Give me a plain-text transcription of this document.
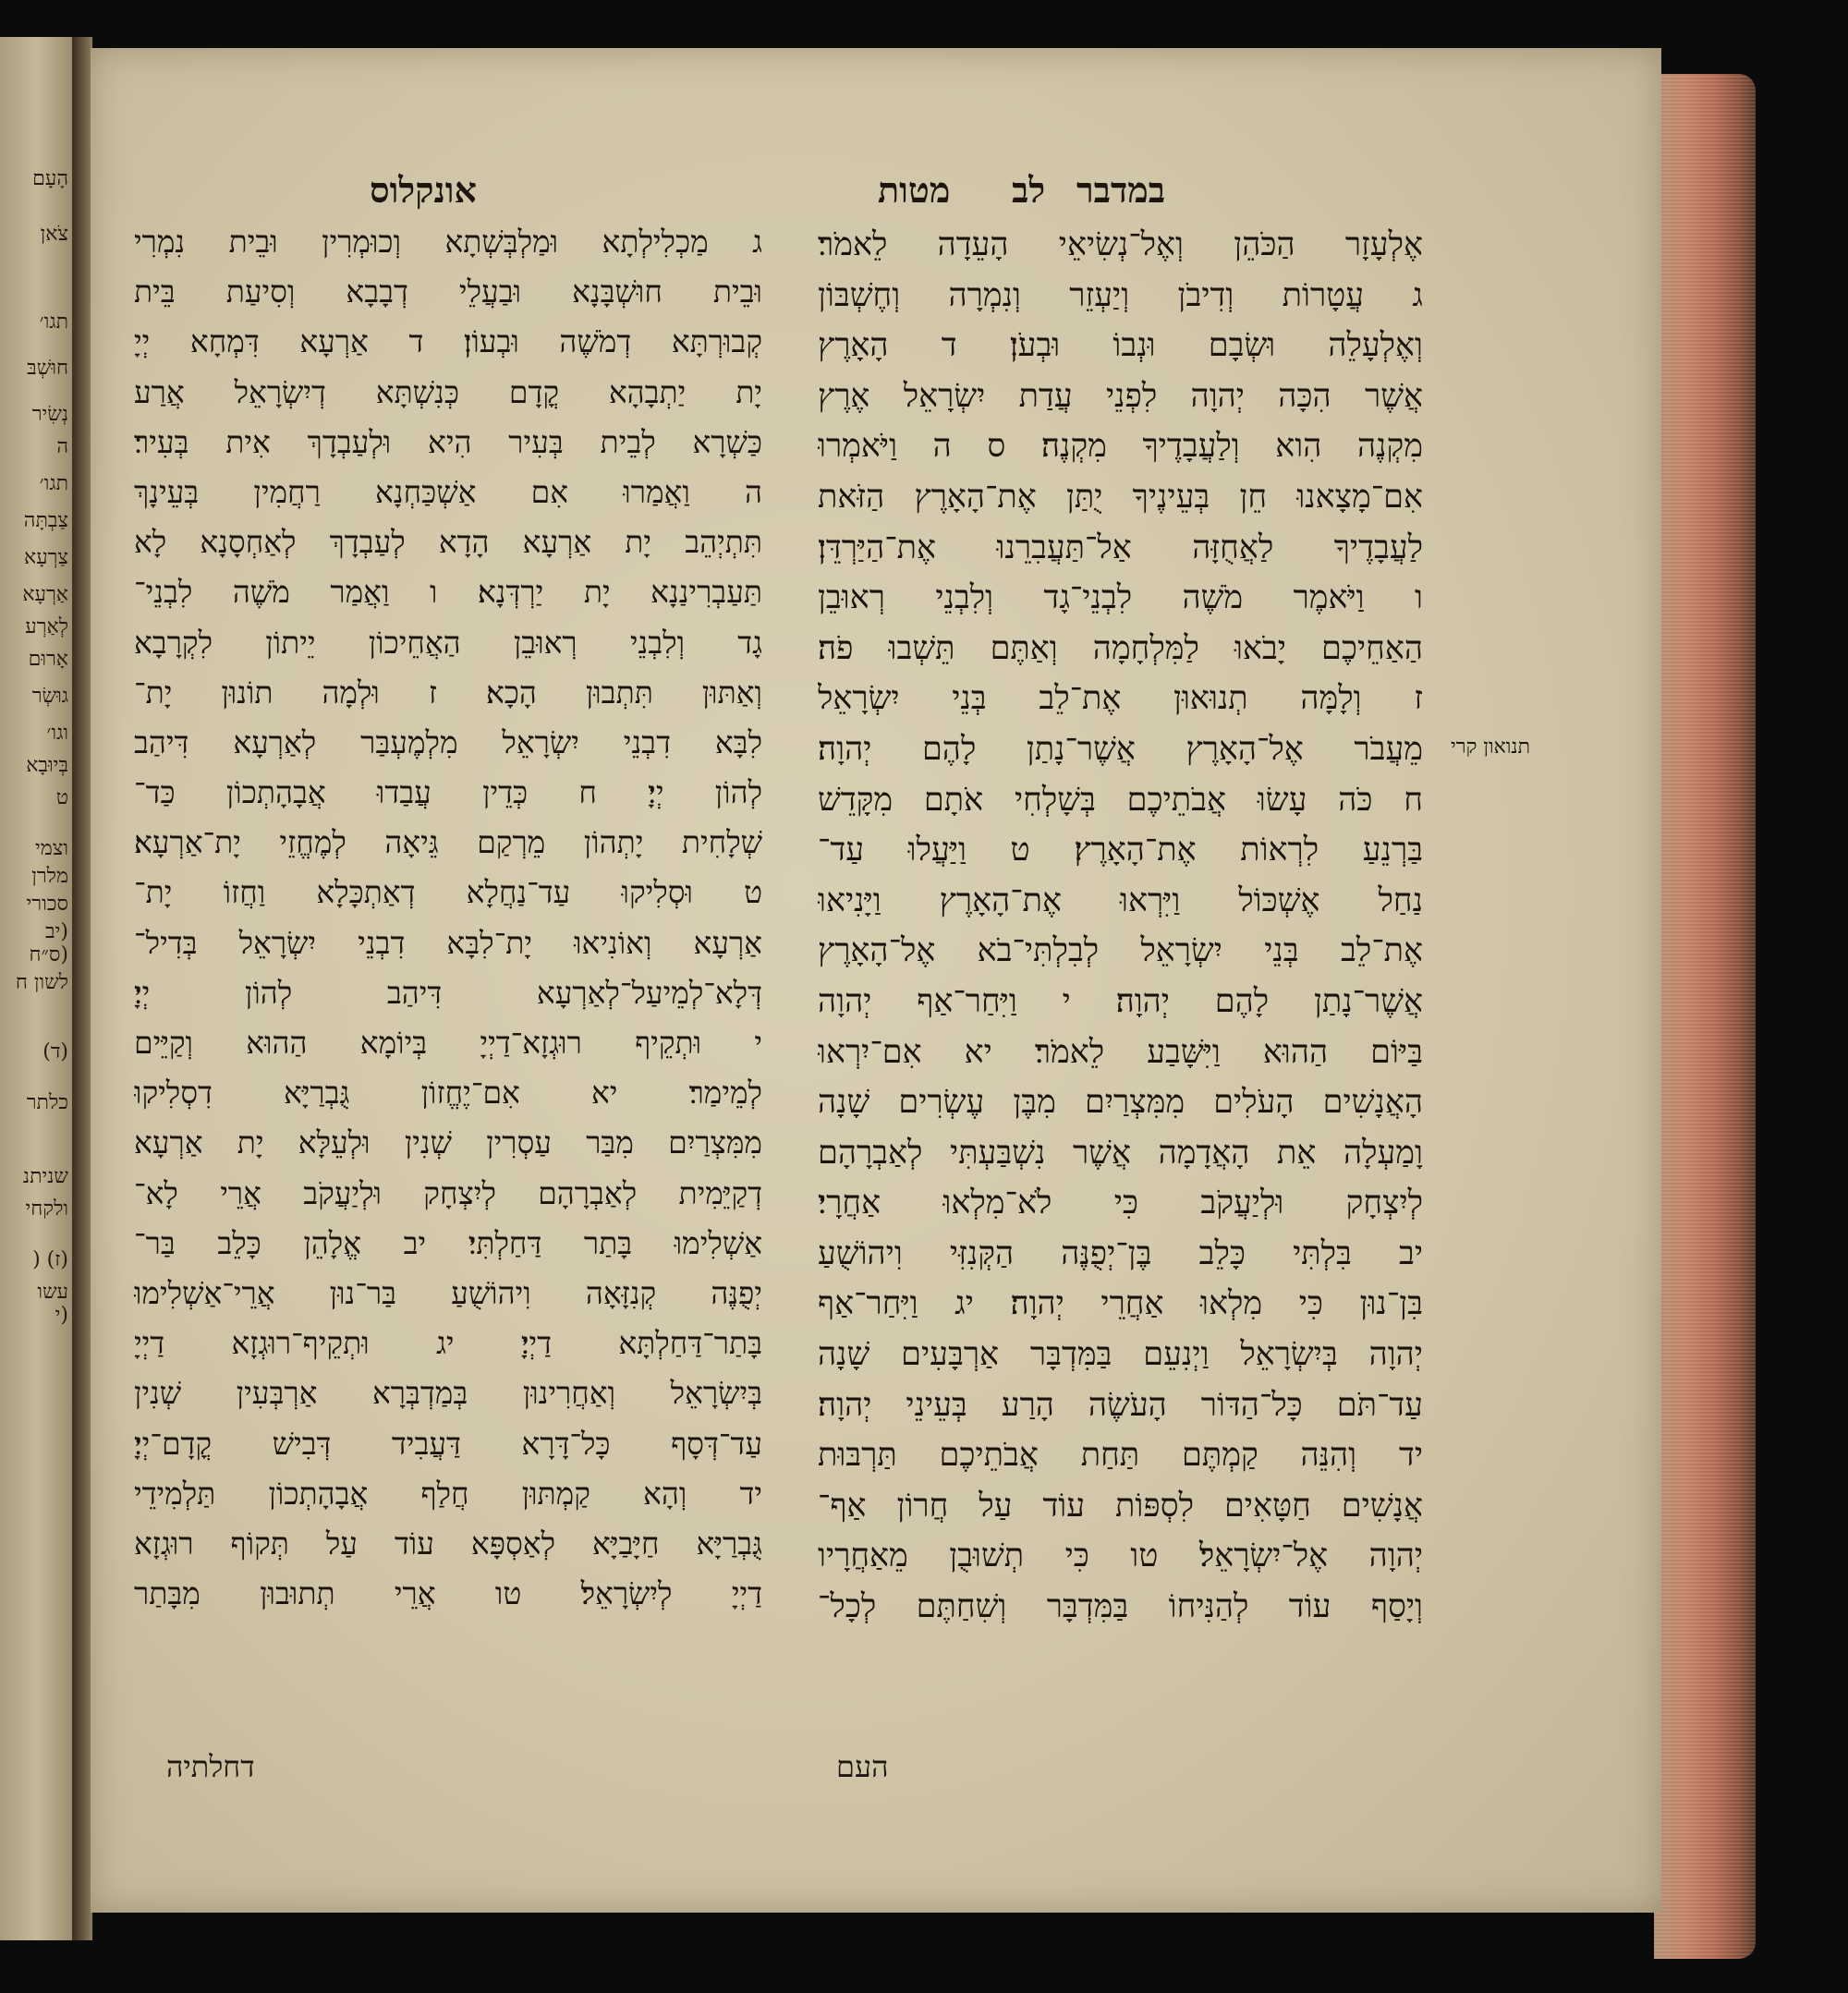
הָעָם
צֹאן
תגו׳
חוּשְׁבּ
נְשִׂיר
ה
תגו׳
צַבְתָּה
צַרְעָא
אַרְעָא
לְאַרְע
אָרוּם
גוּשְׂר
וגו׳
בְּיוּבָא
ט
וצמי
מלרן
סכורי
(יב
(ס״ח
לשון ח
(ד)
כלתר
שניתנ
ולקחי
(ז) (
עשו
(י
במדבר
לב
מטות
אונקלוס
אֶלְעָזָר הַכֹּהֵן וְאֶל־נְשִׂיאֵי הָעֵדָה לֵאמֹר׃
ג עֲטָרוֹת וְדִיבֹן וְיַעְזֵר וְנִמְרָה וְחֶשְׁבּוֹן
וְאֶלְעָלֵה וּשְׂבָם וּנְבוֹ וּבְעֹן׃ ד הָאָרֶץ
אֲשֶׁר הִכָּה יְהוָה לִפְנֵי עֲדַת יִשְׂרָאֵל אֶרֶץ
מִקְנֶה הִוא וְלַעֲבָדֶיךָ מִקְנֶה׃ ס ה וַיֹּאמְרוּ
אִם־מָצָאנוּ חֵן בְּעֵינֶיךָ יֻתַּן אֶת־הָאָרֶץ הַזֹּאת
לַעֲבָדֶיךָ לַאֲחֻזָּה אַל־תַּעֲבִרֵנוּ אֶת־הַיַּרְדֵּן׃
ו וַיֹּאמֶר מֹשֶׁה לִבְנֵי־גָד וְלִבְנֵי רְאוּבֵן
הַאַחֵיכֶם יָבֹאוּ לַמִּלְחָמָה וְאַתֶּם תֵּשְׁבוּ פֹה׃
ז וְלָמָּה תְנוּאוּן אֶת־לֵב בְּנֵי יִשְׂרָאֵל
מֵעֲבֹר אֶל־הָאָרֶץ אֲשֶׁר־נָתַן לָהֶם יְהוָה׃
ח כֹּה עָשׂוּ אֲבֹתֵיכֶם בְּשָׁלְחִי אֹתָם מִקָּדֵשׁ
בַּרְנֵעַ לִרְאוֹת אֶת־הָאָרֶץ׃ ט וַיַּעֲלוּ עַד־
נַחַל אֶשְׁכּוֹל וַיִּרְאוּ אֶת־הָאָרֶץ וַיָּנִיאוּ
אֶת־לֵב בְּנֵי יִשְׂרָאֵל לְבִלְתִּי־בֹא אֶל־הָאָרֶץ
אֲשֶׁר־נָתַן לָהֶם יְהוָה׃ י וַיִּחַר־אַף יְהוָה
בַּיּוֹם הַהוּא וַיִּשָּׁבַע לֵאמֹר׃ יא אִם־יִרְאוּ
הָאֲנָשִׁים הָעֹלִים מִמִּצְרַיִם מִבֶּן עֶשְׂרִים שָׁנָה
וָמַעְלָה אֵת הָאֲדָמָה אֲשֶׁר נִשְׁבַּעְתִּי לְאַבְרָהָם
לְיִצְחָק וּלְיַעֲקֹב כִּי לֹא־מִלְאוּ אַחֲרָי׃
יב בִּלְתִּי כָּלֵב בֶּן־יְפֻנֶּה הַקְּנִזִּי וִיהוֹשֻׁעַ
בִּן־נוּן כִּי מִלְאוּ אַחֲרֵי יְהוָה׃ יג וַיִּחַר־אַף
יְהוָה בְּיִשְׂרָאֵל וַיְנִעֵם בַּמִּדְבָּר אַרְבָּעִים שָׁנָה
עַד־תֹּם כָּל־הַדּוֹר הָעֹשֶׂה הָרַע בְּעֵינֵי יְהוָה׃
יד וְהִנֵּה קַמְתֶּם תַּחַת אֲבֹתֵיכֶם תַּרְבּוּת
אֲנָשִׁים חַטָּאִים לִסְפּוֹת עוֹד עַל חֲרוֹן אַף־
יְהוָה אֶל־יִשְׂרָאֵל׃ טו כִּי תְשׁוּבֻן מֵאַחֲרָיו
וְיָסַף עוֹד לְהַנִּיחוֹ בַּמִּדְבָּר וְשִׁחַתֶּם לְכָל־
ג מַכְלִילְתָא וּמַלְבְּשְׁתָא וְכוּמְרִין וּבֵית נִמְרִי
וּבֵית חוּשְׁבָּנָא וּבַעֲלֵי דְבָבָא וְסִיעַת בֵּית
קְבוּרְתָּא דְמֹשֶׁה וּבְעוֹן׃ ד אַרְעָא דִּמְחָא יְיָ
יָת יַתְבָהָא קֳדָם כְּנִשְׁתָּא דְיִשְׂרָאֵל אֲרַע
כַּשְׁרָא לְבֵית בְּעִיר הִיא וּלְעַבְדָךְ אִית בְּעִיר׃
ה וַאֲמַרוּ אִם אַשְׁכַּחְנָא רַחֲמִין בְּעֵינָךְ
תִּתְיְהֵב יָת אַרְעָא הָדָא לְעַבְדָךְ לְאַחְסָנָא לָא
תַּעַבְרִינַנָא יָת יַרְדְּנָא׃ ו וַאֲמַר מֹשֶׁה לִבְנֵי־
גָד וְלִבְנֵי רְאוּבֵן הַאֲחֵיכוֹן יֵיתוֹן לִקְרָבָא
וְאַתּוּן תִּתְבוּן הָכָא׃ ז וּלְמָה תוֹנוּן יָת־
לִבָּא דִבְנֵי יִשְׂרָאֵל מִלְמֶעְבַּר לְאַרְעָא דִּיהַב
לְהוֹן יְיָ׃ ח כְּדֵין עֲבַדוּ אֲבָהָתְכוֹן כַּד־
שְׁלָחִית יָתְהוֹן מֵרְקַם גֵּיאָה לְמֶחֱזֵי יָת־אַרְעָא׃
ט וּסְלִיקוּ עַד־נַחֲלָא דְאַתְכָּלָא וַחֲזוֹ יָת־
אַרְעָא וְאוֹנִיאוּ יָת־לִבָּא דִבְנֵי יִשְׂרָאֵל בְּדִיל־
דְּלָא־לְמֵיעַל־לְאַרְעָא דִּיהַב לְהוֹן יְיָ׃
י וּתְקֵיף רוּגְזָא־דַיְיָ בְּיוֹמָא הַהוּא וְקַיֵּים
לְמֵימַר׃ יא אִם־יֶחֱזוֹן גֻּבְרַיָּא דִסְלִיקוּ
מִמִּצְרַיִם מִבַּר עַסְרִין שְׁנִין וּלְעֵלָּא יָת אַרְעָא
דְקַיֵּמִית לְאַבְרָהָם לְיִצְחָק וּלְיַעֲקֹב אֲרֵי לָא־
אַשְׁלִימוּ בָּתַר דַּחַלְתִּי׃ יב אֱלָהֵן כָּלֵב בַּר־
יְפֻנֶּה קְנִזָּאָה וִיהוֹשֻׁעַ בַּר־נוּן אֲרֵי־אַשְׁלִימוּ
בָּתַר־דַּחַלְתָּא דַיְיָ׃ יג וּתְקֵיף־רוּגְזָא דַיְיָ
בְּיִשְׂרָאֵל וְאַחֲרִינוּן בְּמַדְבְּרָא אַרְבְּעִין שְׁנִין
עַד־דְּסָף כָּל־דָּרָא דַּעֲבִיד דְּבִישׁ קֳדָם־יְיָ׃
יד וְהָא קַמְתּוּן חֲלַף אֲבָהָתְכוֹן תַּלְמִידֵי
גֻּבְרַיָּא חַיָּבַיָּא לְאַסְפָּא עוֹד עַל תְּקוֹף רוּגְזָא
דַיְיָ לְיִשְׂרָאֵל׃ טו אֲרֵי תְתוּבוּן מִבָּתַר
תנואון קרי
העם
דחלתיה
